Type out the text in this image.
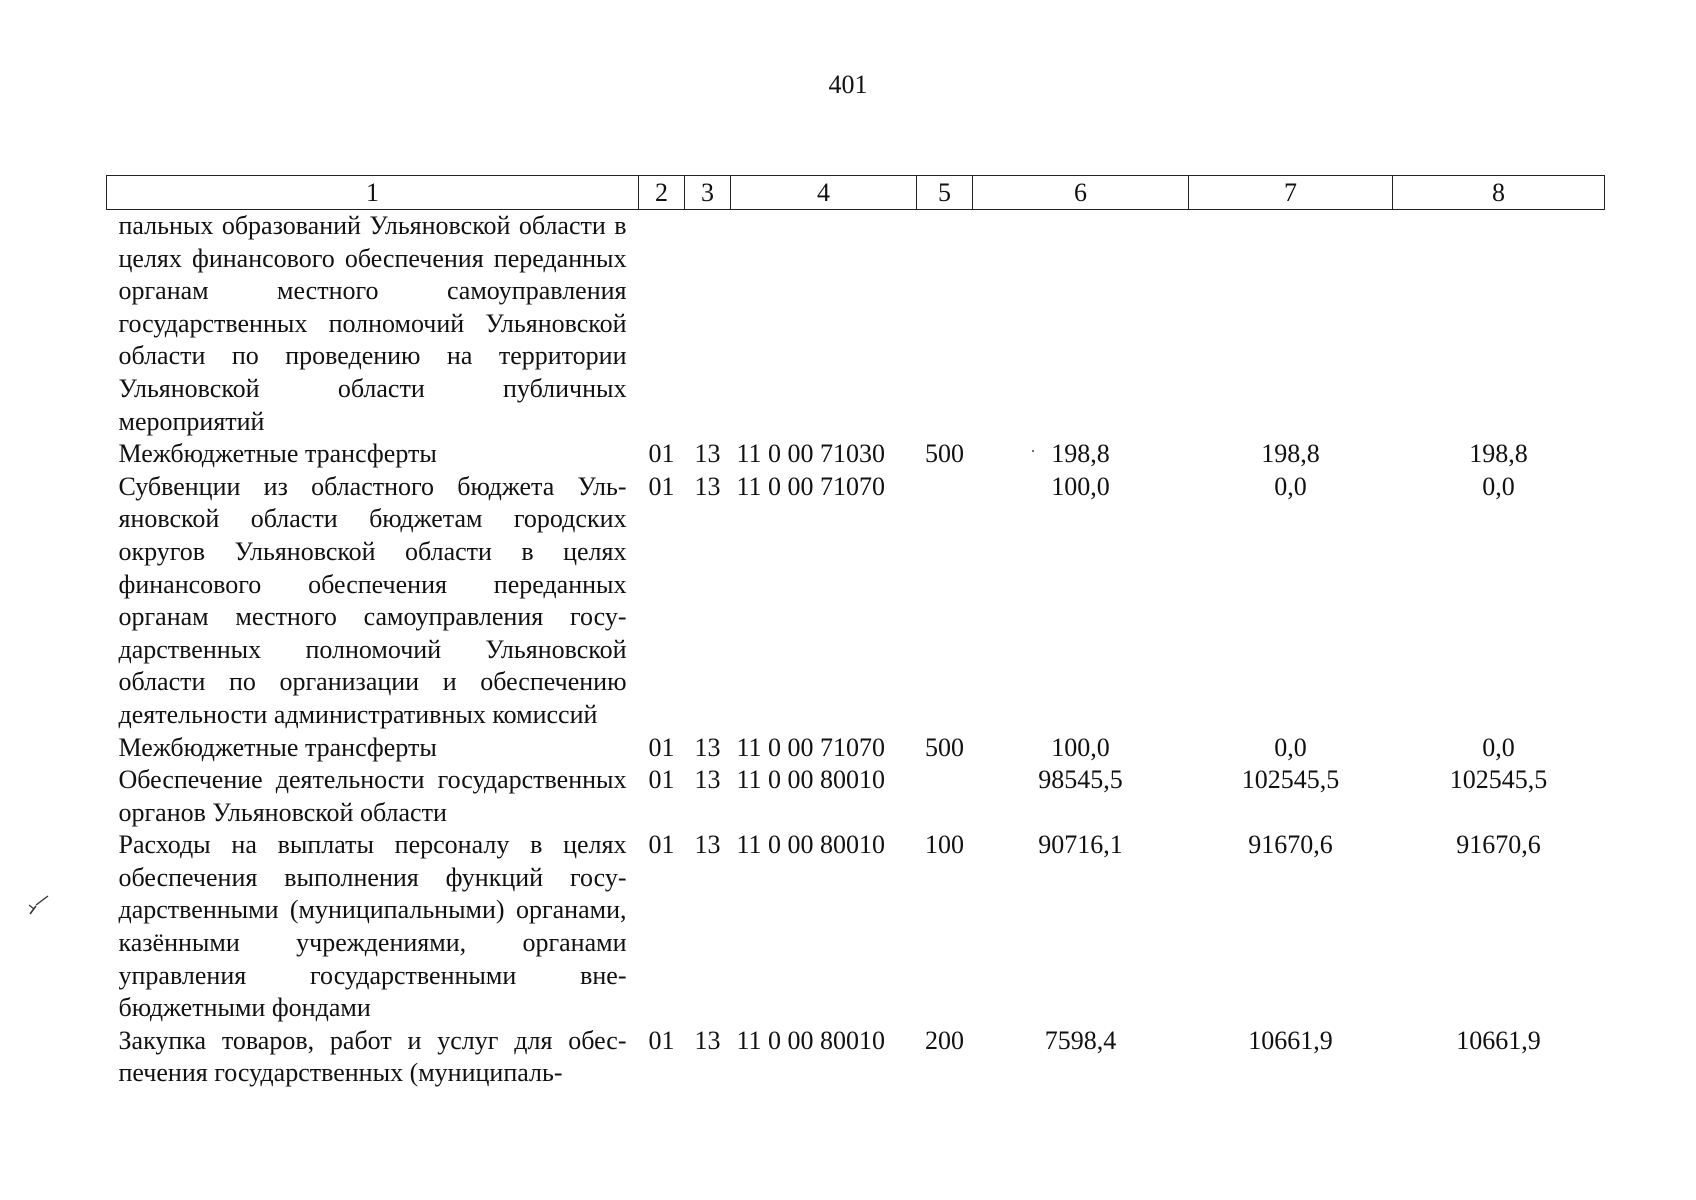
401
1	2	3	4	5	6	7	8
пальных образований Ульяновской области в целях финансового обеспечения переданных органам местного самоуправления государственных полномочий Ульяновской области по проведению на территории Ульяновской области публичных мероприятий							
Межбюджетные трансферты	01	13	11 0 00 71030	500	198,8	198,8	198,8
Субвенции из областного бюджета Ульяновской области бюджетам городских округов Ульяновской области в целях финансового обеспечения переданных органам местного самоуправления государственных полномочий Ульяновской области по организации и обеспечению деятельности административных комиссий	01	13	11 0 00 71070		100,0	0,0	0,0
Межбюджетные трансферты	01	13	11 0 00 71070	500	100,0	0,0	0,0
Обеспечение деятельности государственных органов Ульяновской области	01	13	11 0 00 80010		98545,5	102545,5	102545,5
Расходы на выплаты персоналу в целях обеспечения выполнения функций государственными (муниципальными) органами, казёнными учреждениями, органами управления государственными внебюджетными фондами	01	13	11 0 00 80010	100	90716,1	91670,6	91670,6
Закупка товаров, работ и услуг для обеспечения государственных (муниципаль-	01	13	11 0 00 80010	200	7598,4	10661,9	10661,9
